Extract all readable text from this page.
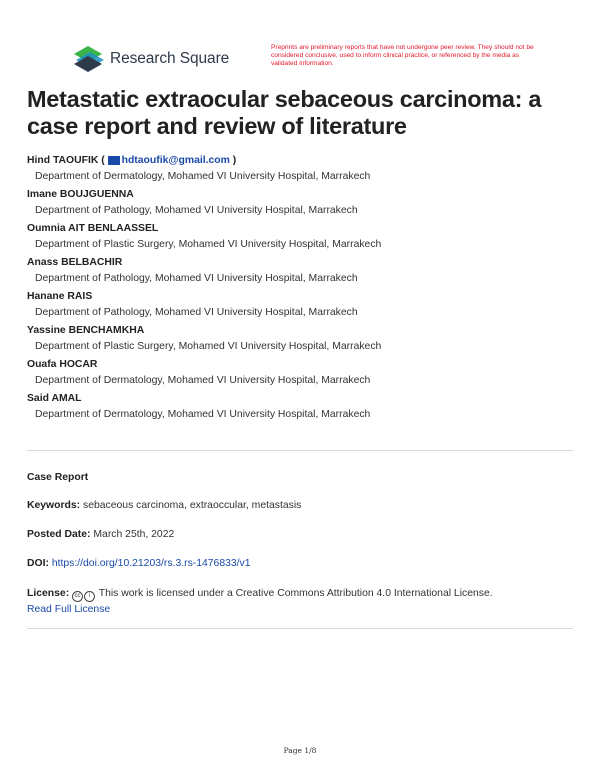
Research Square
Preprints are preliminary reports that have not undergone peer review. They should not be considered conclusive, used to inform clinical practice, or referenced by the media as validated information.
Metastatic extraocular sebaceous carcinoma: a case report and review of literature
Hind TAOUFIK ( hdtaoufik@gmail.com )
Department of Dermatology, Mohamed VI University Hospital, Marrakech
Imane BOUJGUENNA
Department of Pathology, Mohamed VI University Hospital, Marrakech
Oumnia AIT BENLAASSEL
Department of Plastic Surgery, Mohamed VI University Hospital, Marrakech
Anass BELBACHIR
Department of Pathology, Mohamed VI University Hospital, Marrakech
Hanane RAIS
Department of Pathology, Mohamed VI University Hospital, Marrakech
Yassine BENCHAMKHA
Department of Plastic Surgery, Mohamed VI University Hospital, Marrakech
Ouafa HOCAR
Department of Dermatology, Mohamed VI University Hospital, Marrakech
Said AMAL
Department of Dermatology, Mohamed VI University Hospital, Marrakech
Case Report
Keywords: sebaceous carcinoma, extraoccular, metastasis
Posted Date: March 25th, 2022
DOI: https://doi.org/10.21203/rs.3.rs-1476833/v1
License: cc i This work is licensed under a Creative Commons Attribution 4.0 International License.
Read Full License
Page 1/8
